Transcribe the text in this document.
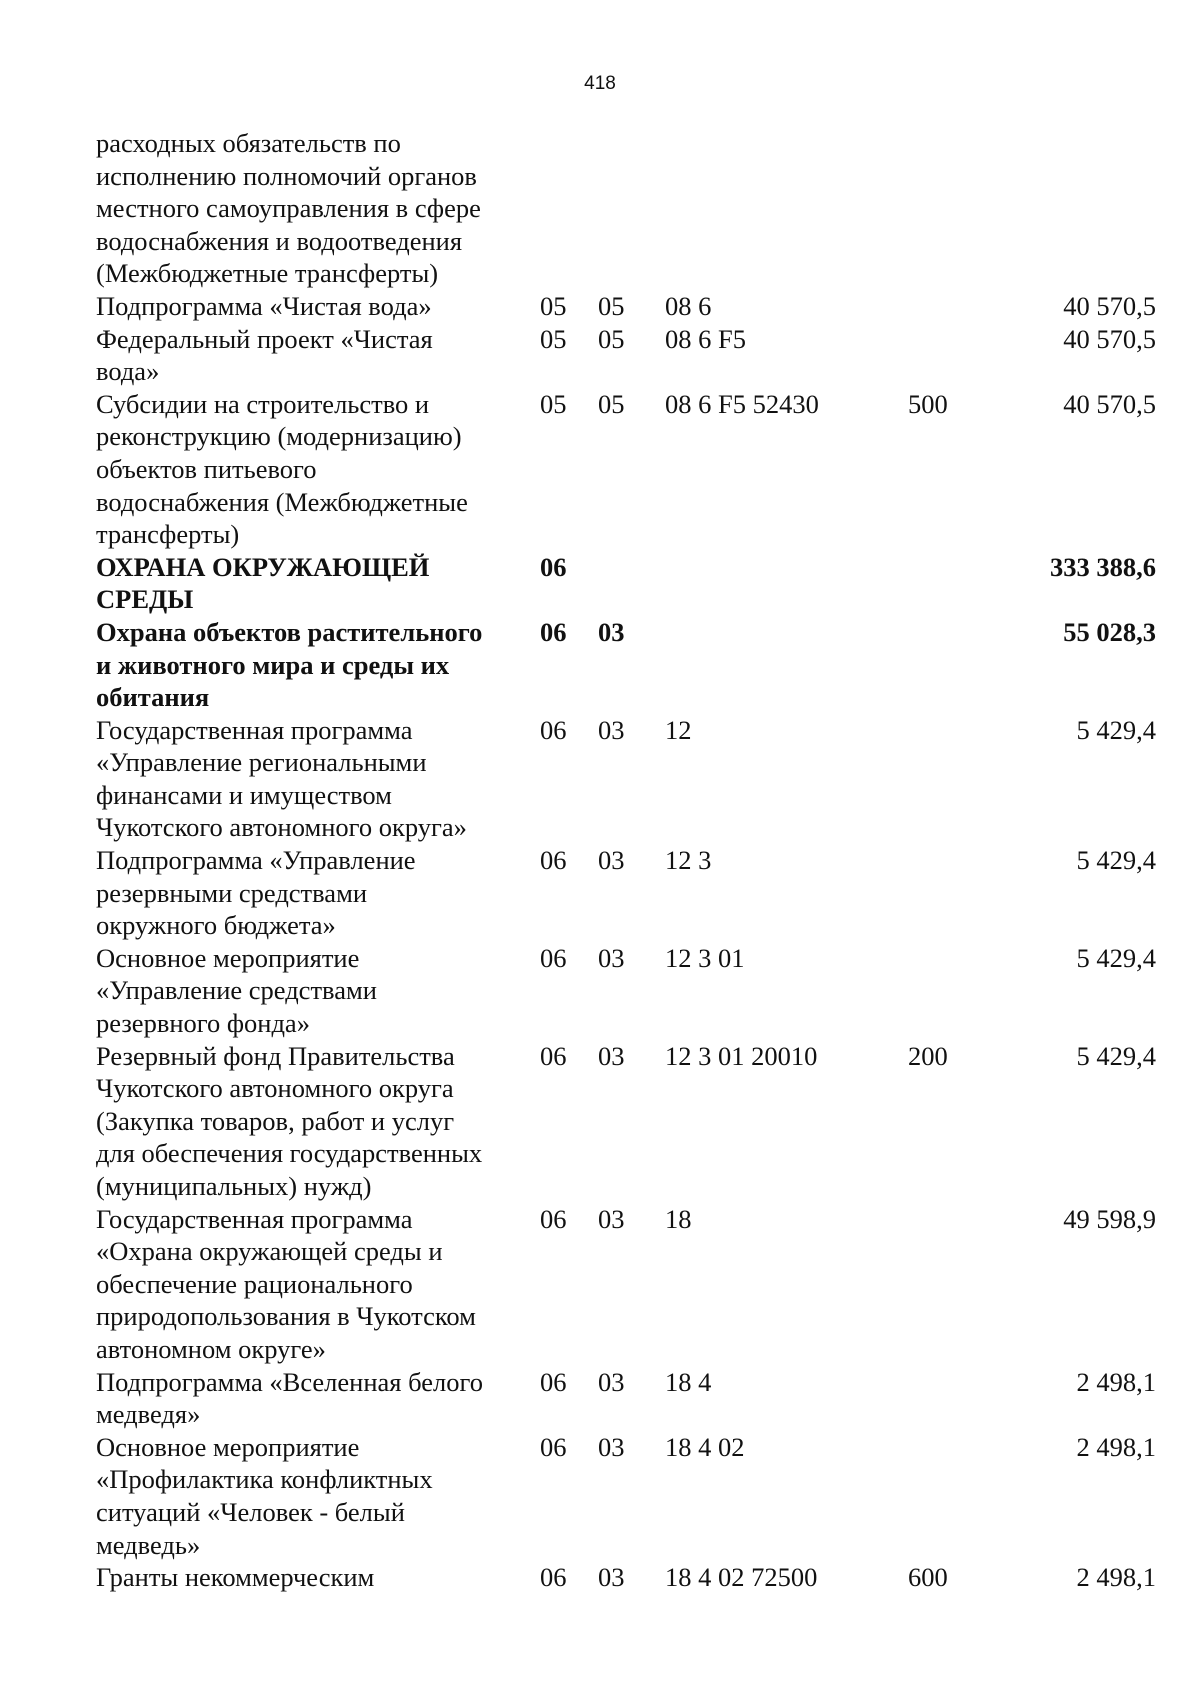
418
расходных обязательств по
исполнению полномочий органов
местного самоуправления в сфере
водоснабжения и водоотведения
(Межбюджетные трансферты)					

Подпрограмма «Чистая вода»	05	05	08 6		40 570,5

Федеральный проект «Чистая
вода»	05	05	08 6 F5		40 570,5

Субсидии на строительство и
реконструкцию (модернизацию)
объектов питьевого
водоснабжения (Межбюджетные
трансферты)	05	05	08 6 F5 52430	500	40 570,5

ОХРАНА ОКРУЖАЮЩЕЙ
СРЕДЫ	06				333 388,6

Охрана объектов растительного
и животного мира и среды их
обитания	06	03			55 028,3

Государственная программа
«Управление региональными
финансами и имуществом
Чукотского автономного округа»	06	03	12		5 429,4

Подпрограмма «Управление
резервными средствами
окружного бюджета»	06	03	12 3		5 429,4

Основное мероприятие
«Управление средствами
резервного фонда»	06	03	12 3 01		5 429,4

Резервный фонд Правительства
Чукотского автономного округа
(Закупка товаров, работ и услуг
для обеспечения государственных
(муниципальных) нужд)	06	03	12 3 01 20010	200	5 429,4

Государственная программа
«Охрана окружающей среды и
обеспечение рационального
природопользования в Чукотском
автономном округе»	06	03	18		49 598,9

Подпрограмма «Вселенная белого
медведя»	06	03	18 4		2 498,1

Основное мероприятие
«Профилактика конфликтных
ситуаций «Человек - белый
медведь»	06	03	18 4 02		2 498,1

Гранты некоммерческим	06	03	18 4 02 72500	600	2 498,1
